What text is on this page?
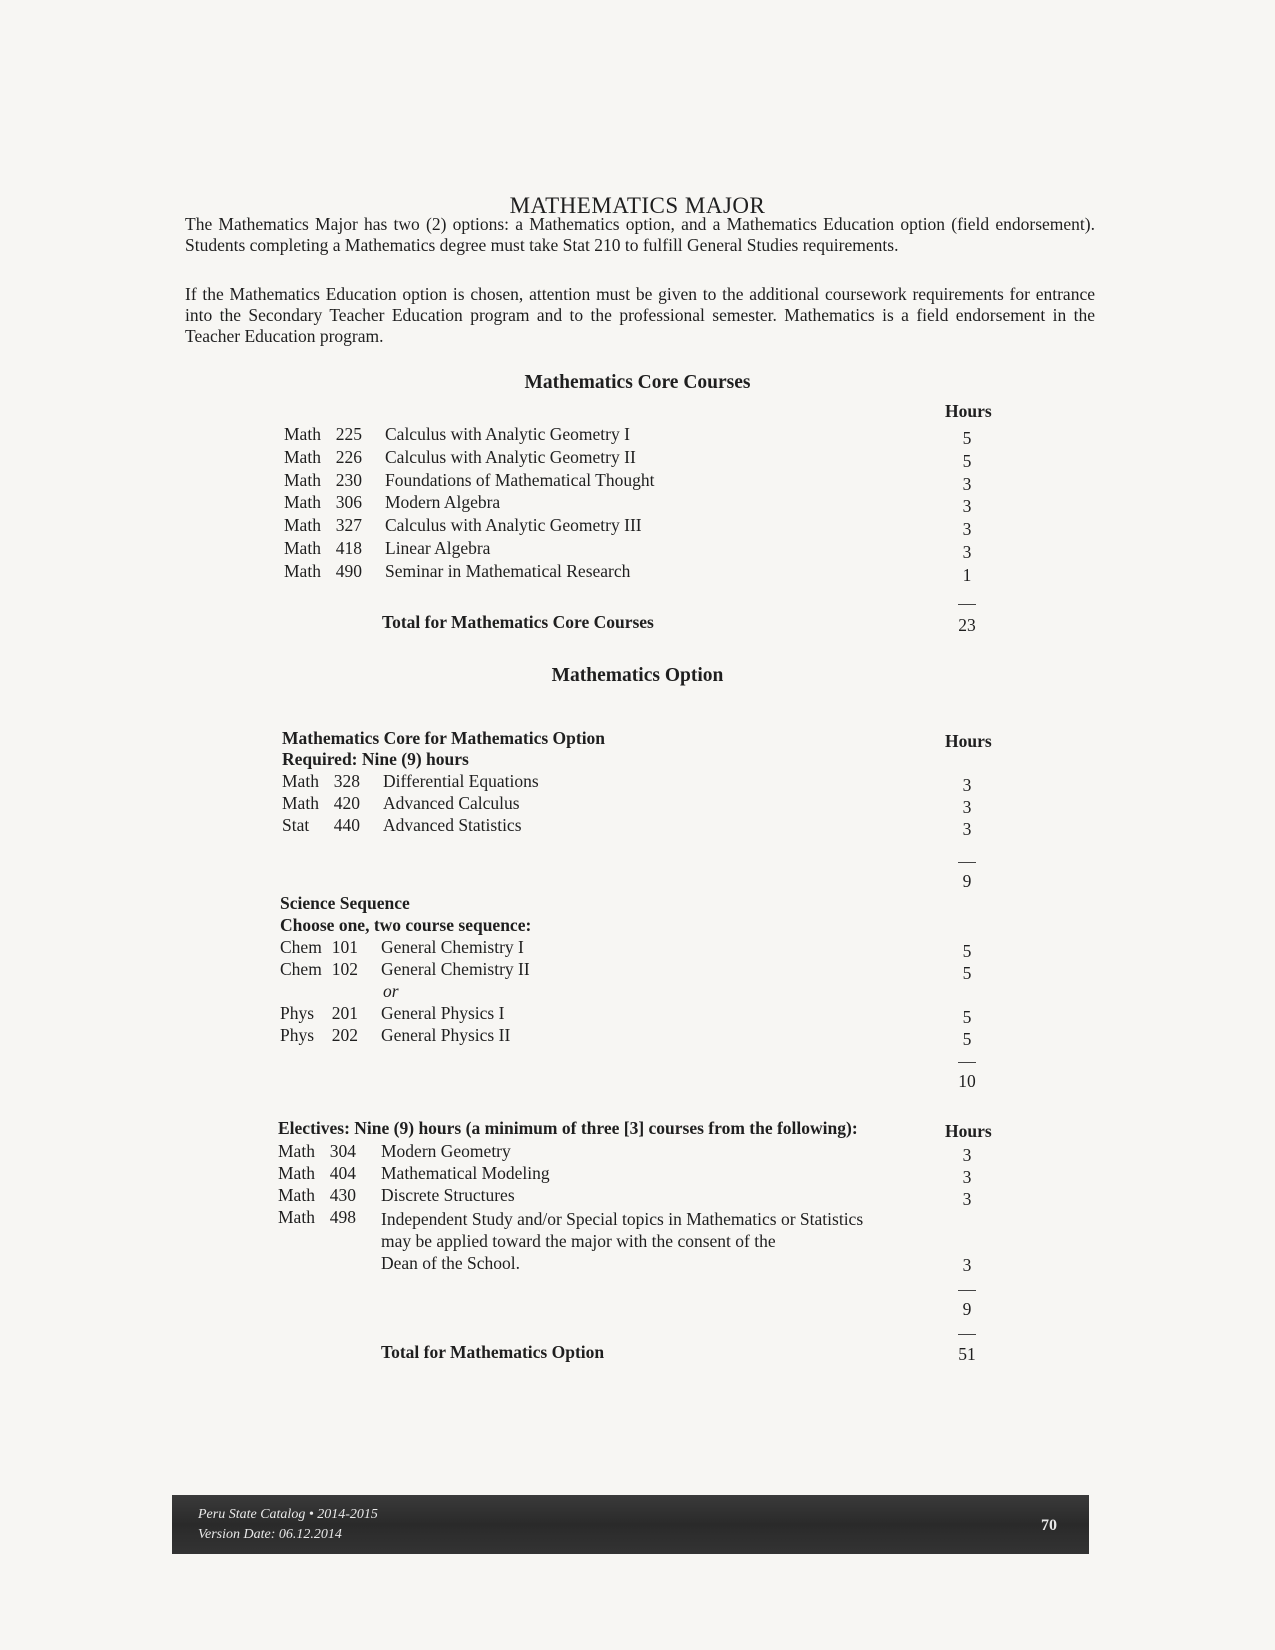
MATHEMATICS MAJOR

The Mathematics Major has two (2) options: a Mathematics option, and a Mathematics Education option (field endorsement). Students completing a Mathematics degree must take Stat 210 to fulfill General Studies requirements.

If the Mathematics Education option is chosen, attention must be given to the additional coursework requirements for entrance into the Secondary Teacher Education program and to the professional semester. Mathematics is a field endorsement in the Teacher Education program.

Mathematics Core Courses
Hours
Math 225 Calculus with Analytic Geometry I	5
Math 226 Calculus with Analytic Geometry II	5
Math 230 Foundations of Mathematical Thought	3
Math 306 Modern Algebra	3
Math 327 Calculus with Analytic Geometry III	3
Math 418 Linear Algebra	3
Math 490 Seminar in Mathematical Research	1
Total for Mathematics Core Courses	23
Mathematics Option
Mathematics Core for Mathematics Option	Hours
Required: Nine (9) hours
Math 328 Differential Equations	3
Math 420 Advanced Calculus	3
Stat	440 Advanced Statistics	3
9
Science Sequence
Choose one, two course sequence:
Chem 101 General Chemistry I	5
Chem 102 General Chemistry II	5
Phys	201 General Physics I	5
Phys	202 General Physics II	5
or
10
Electives: Nine (9) hours (a minimum of three [3] courses from the following):	Hours
Math 304 Modern Geometry	3
Math 404 Mathematical Modeling	3
Math 430 Discrete Structures	3
Math 498 Independent Study and/or Special topics in Mathematics or Statistics
may be applied toward the major with the consent of the
Dean of the School.	3
9
Total for Mathematics Option	51
Peru State Catalog • 2014-2015
Version Date: 06.12.2014
70
